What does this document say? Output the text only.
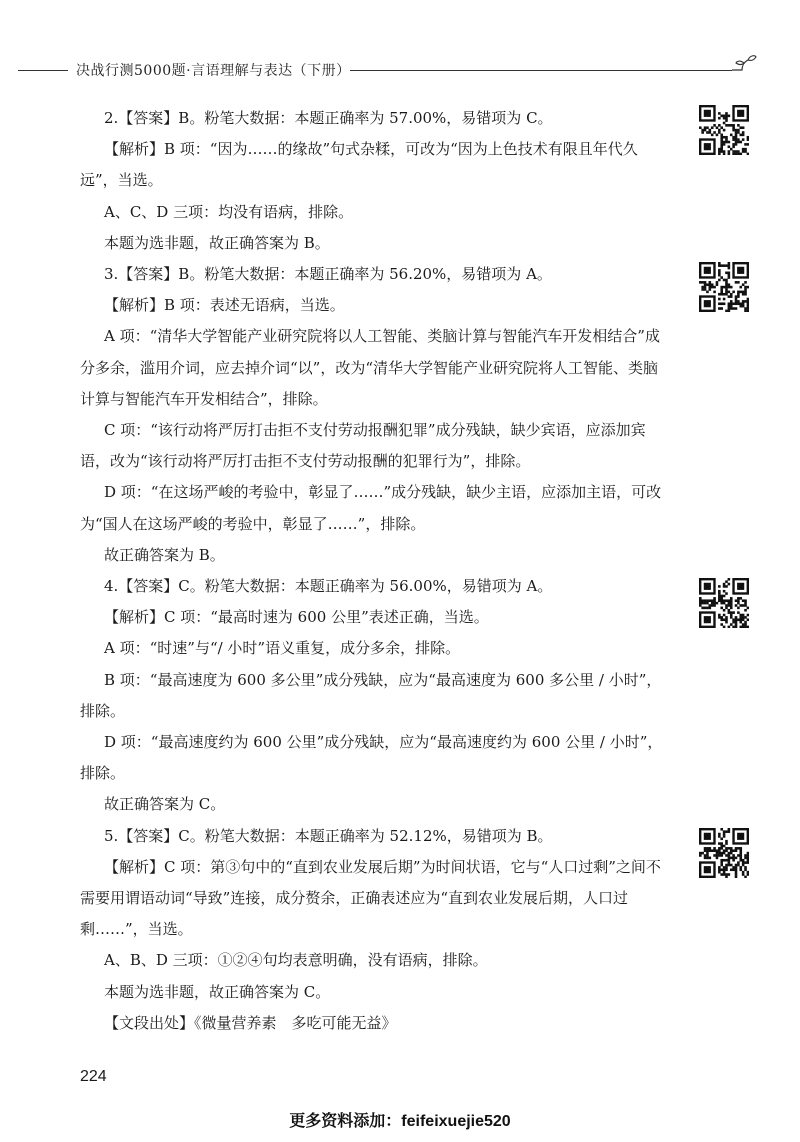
决战行测5000题·言语理解与表达（下册）

2.【答案】B。粉笔大数据：本题正确率为 57.00%，易错项为 C。

【解析】B 项：“因为……的缘故”句式杂糅，可改为“因为上色技术有限且年代久远”，当选。

A、C、D 三项：均没有语病，排除。

本题为选非题，故正确答案为 B。

3.【答案】B。粉笔大数据：本题正确率为 56.20%，易错项为 A。

【解析】B 项：表述无语病，当选。

A 项：“清华大学智能产业研究院将以人工智能、类脑计算与智能汽车开发相结合”成分多余，滥用介词，应去掉介词“以”，改为“清华大学智能产业研究院将人工智能、类脑计算与智能汽车开发相结合”，排除。

C 项：“该行动将严厉打击拒不支付劳动报酬犯罪”成分残缺，缺少宾语，应添加宾语，改为“该行动将严厉打击拒不支付劳动报酬的犯罪行为”，排除。

D 项：“在这场严峻的考验中，彰显了……”成分残缺，缺少主语，应添加主语，可改为“国人在这场严峻的考验中，彰显了……”，排除。

故正确答案为 B。

4.【答案】C。粉笔大数据：本题正确率为 56.00%，易错项为 A。

【解析】C 项：“最高时速为 600 公里”表述正确，当选。

A 项：“时速”与“/ 小时”语义重复，成分多余，排除。

B 项：“最高速度为 600 多公里”成分残缺，应为“最高速度为 600 多公里 / 小时”，排除。

D 项：“最高速度约为 600 公里”成分残缺，应为“最高速度约为 600 公里 / 小时”，排除。

故正确答案为 C。

5.【答案】C。粉笔大数据：本题正确率为 52.12%，易错项为 B。

【解析】C 项：第③句中的“直到农业发展后期”为时间状语，它与“人口过剩”之间不需要用谓语动词“导致”连接，成分赘余，正确表述应为“直到农业发展后期，人口过剩……”，当选。

A、B、D 三项：①②④句均表意明确，没有语病，排除。

本题为选非题，故正确答案为 C。

【文段出处】《微量营养素　多吃可能无益》

224
更多资料添加：feifeixuejie520
